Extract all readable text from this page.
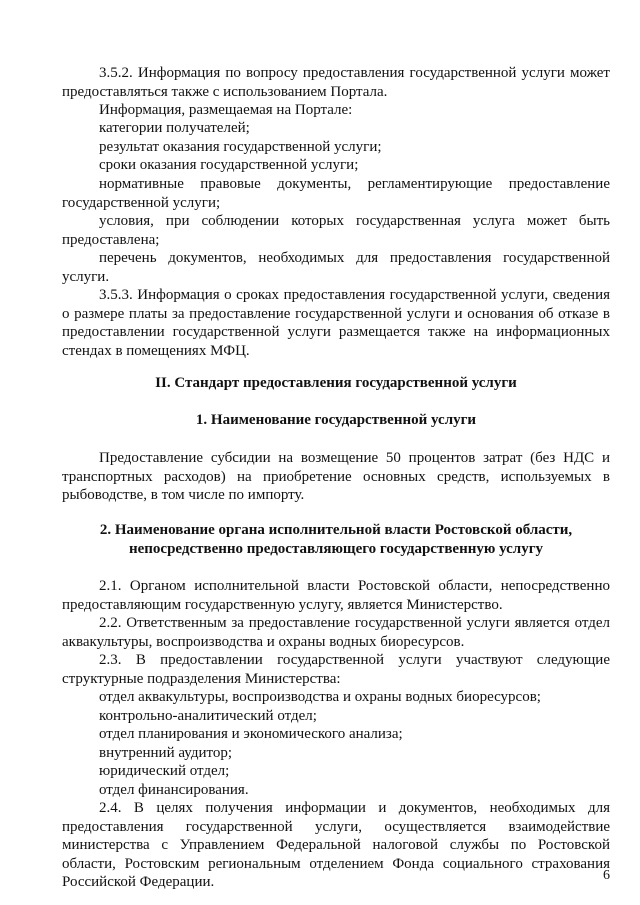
3.5.2. Информация по вопросу предоставления государственной услуги может предоставляться также с использованием Портала.

Информация, размещаемая на Портале:

категории получателей;

результат оказания государственной услуги;

сроки оказания государственной услуги;

нормативные правовые документы, регламентирующие предоставление государственной услуги;

условия, при соблюдении которых государственная услуга может быть предоставлена;

перечень документов, необходимых для предоставления государственной услуги.

3.5.3. Информация о сроках предоставления государственной услуги, сведения о размере платы за предоставление государственной услуги и основания об отказе в предоставлении государственной услуги размещается также на информационных стендах в помещениях МФЦ.

II. Стандарт предоставления государственной услуги

1. Наименование государственной услуги

Предоставление субсидии на возмещение 50 процентов затрат (без НДС и транспортных расходов) на приобретение основных средств, используемых в рыбоводстве, в том числе по импорту.

2. Наименование органа исполнительной власти Ростовской области,

непосредственно предоставляющего государственную услугу

2.1. Органом исполнительной власти Ростовской области, непосредственно предоставляющим государственную услугу, является Министерство.

2.2. Ответственным за предоставление государственной услуги является отдел аквакультуры, воспроизводства и охраны водных биоресурсов.

2.3. В предоставлении государственной услуги участвуют следующие структурные подразделения Министерства:

отдел аквакультуры, воспроизводства и охраны водных биоресурсов;

контрольно-аналитический отдел;

отдел планирования и экономического анализа;

внутренний аудитор;

юридический отдел;

отдел финансирования.

2.4. В целях получения информации и документов, необходимых для предоставления государственной услуги, осуществляется взаимодействие министерства с Управлением Федеральной налоговой службы по Ростовской области, Ростовским региональным отделением Фонда социального страхования Российской Федерации.	6
